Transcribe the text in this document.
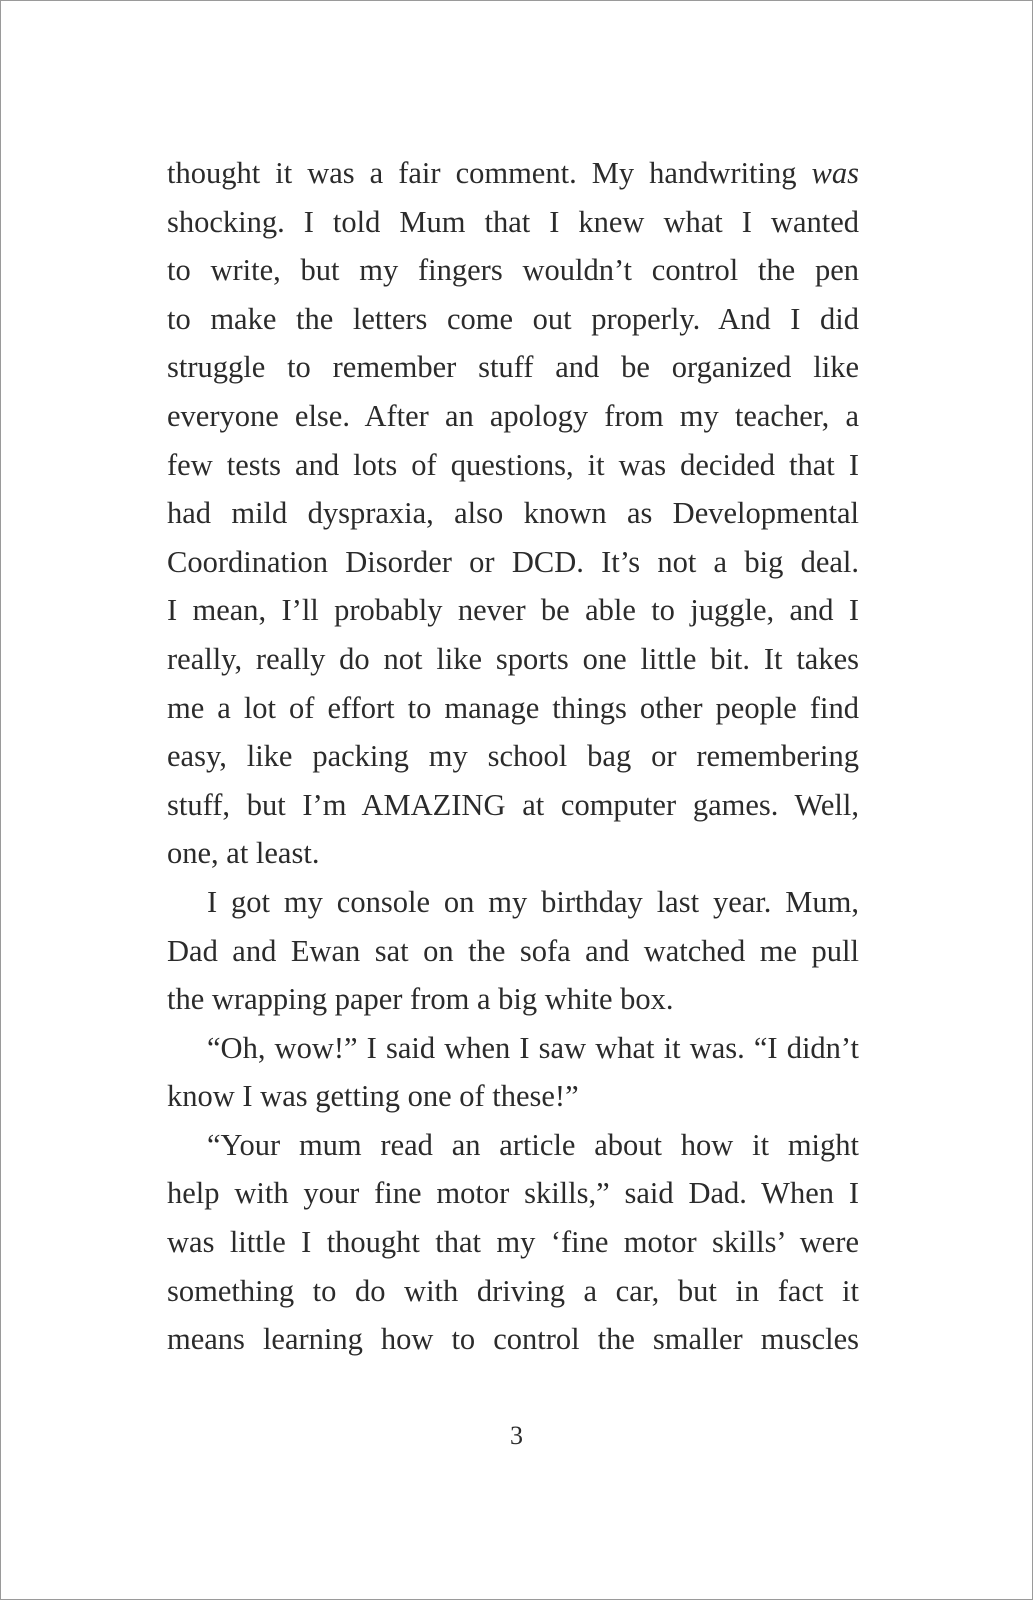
thought it was a fair comment. My handwriting was
shocking. I told Mum that I knew what I wanted
to write, but my fingers wouldn’t control the pen
to make the letters come out properly. And I did
struggle to remember stuff and be organized like
everyone else. After an apology from my teacher, a
few tests and lots of questions, it was decided that I
had mild dyspraxia, also known as Developmental
Coordination Disorder or DCD. It’s not a big deal.
I mean, I’ll probably never be able to juggle, and I
really, really do not like sports one little bit. It takes
me a lot of effort to manage things other people find
easy, like packing my school bag or remembering
stuff, but I’m AMAZING at computer games. Well,
one, at least.
I got my console on my birthday last year. Mum,
Dad and Ewan sat on the sofa and watched me pull
the wrapping paper from a big white box.
“Oh, wow!” I said when I saw what it was. “I didn’t
know I was getting one of these!”
“Your mum read an article about how it might
help with your fine motor skills,” said Dad. When I
was little I thought that my ‘fine motor skills’ were
something to do with driving a car, but in fact it
means learning how to control the smaller muscles
3
